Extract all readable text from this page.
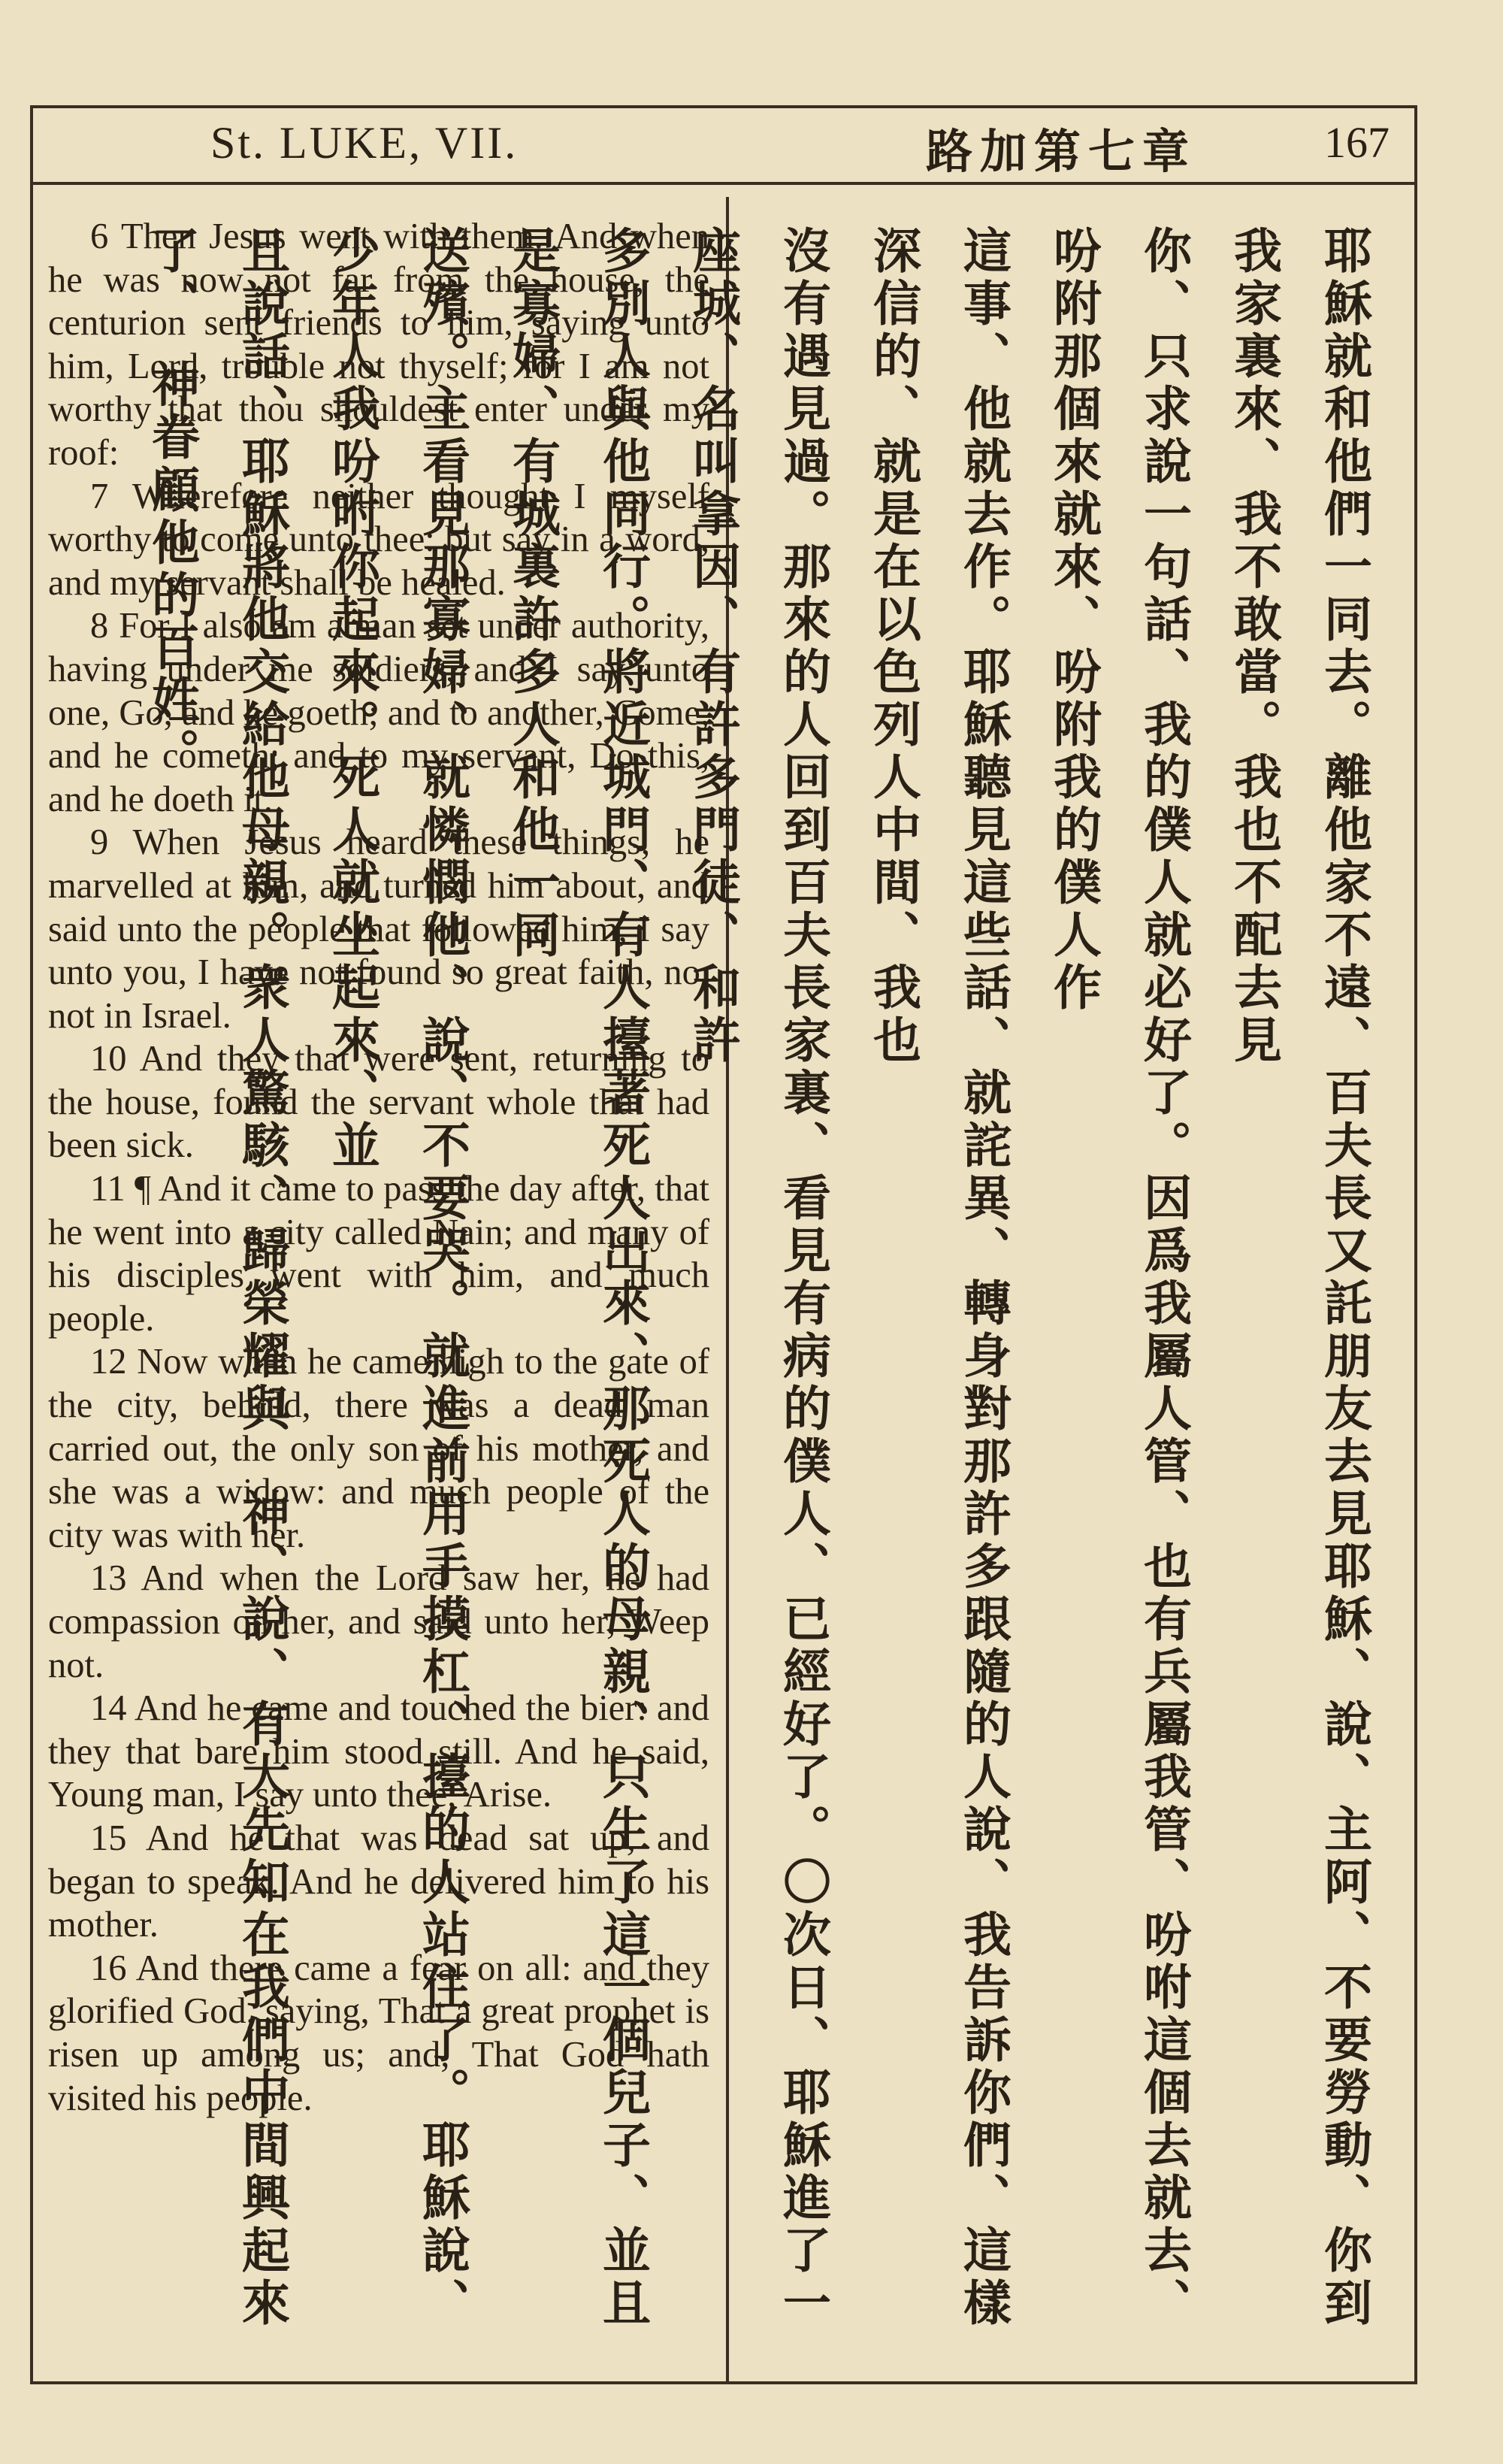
St. LUKE, VII.	路加第七章	167

6 Then Jesus went with them. And when he was now not far from the house, the centurion sent friends to him, saying unto him, Lord, trouble not thyself; for I am not worthy that thou shouldest enter under my roof:

7 Wherefore neither thought I myself worthy to come unto thee: but say in a word, and my servant shall be healed.

8 For I also am a man set under authority, having under me soldiers, and I say unto one, Go, and he goeth; and to another, Come, and he cometh; and to my servant, Do this, and he doeth it.

9 When Jesus heard these things, he marvelled at him, and turned him about, and said unto the people that followed him, I say unto you, I have not found so great faith, no, not in Israel.

10 And they that were sent, returning to the house, found the servant whole that had been sick.

11 ¶ And it came to pass the day after, that he went into a city called Nain; and many of his disciples went with him, and much people.

12 Now when he came nigh to the gate of the city, behold, there was a dead man carried out, the only son of his mother, and she was a widow: and much people of the city was with her.

13 And when the Lord saw her, he had compassion on her, and said unto her, Weep not.

14 And he came and touched the bier: and they that bare him stood still. And he said, Young man, I say unto thee, Arise.

15 And he that was dead sat up, and began to speak. And he delivered him to his mother.

16 And there came a fear on all: and they glorified God, saying, That a great prophet is risen up among us; and, That God hath visited his people.	耶穌就和他們一同去。離他家不遠、百夫長又託朋友去見耶穌、說、主阿、不要勞動、你到我家裏來、我不敢當。我也不配去見
你、只求說一句話、我的僕人就必好了。因爲我屬人管、也有兵屬我管、吩咐這個去就去、吩附那個來就來、吩附我的僕人作
這事、他就去作。耶穌聽見這些話、就詫異、轉身對那許多跟隨的人說、我告訴你們、這樣深信的、就是在以色列人中間、我也
沒有遇見過。那來的人回到百夫長家裏、看見有病的僕人、已經好了。〇次日、耶穌進了一座城、名叫拿因、有許多門徒、和許
多別人與他同行。將近城門、有人擡著死人出來、那死人的母親、只生了這一個兒子、並且是寡婦、有城裏許多人和他一同
送殯。主看見那寡婦、就憐憫他、說、不要哭。就進前用手摸杠、擡的人站住了。耶穌說、少年人我吩咐你起來。死人就坐起來、並
且說話、耶穌將他交給他母親。衆人驚駭、歸榮耀與　神、說、有大先知在我們中間興起來了、　神眷顧他的百姓。
